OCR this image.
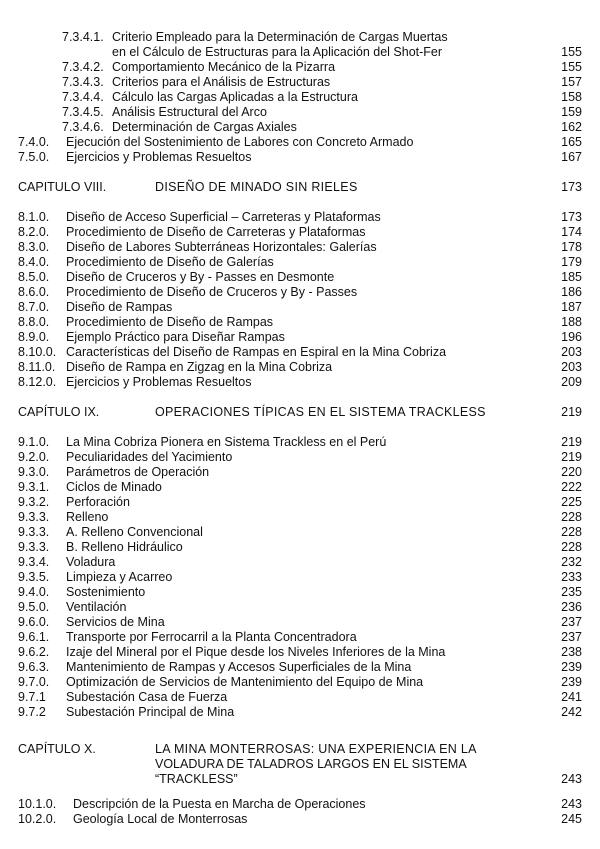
7.3.4.1. Criterio Empleado para la Determinación de Cargas Muertas
en el Cálculo de Estructuras para la Aplicación del Shot-Fer	155
7.3.4.2. Comportamiento Mecánico de la Pizarra	155
7.3.4.3. Criterios para el Análisis de Estructuras	157
7.3.4.4. Cálculo las Cargas Aplicadas a la Estructura	158
7.3.4.5. Análisis Estructural del Arco	159
7.3.4.6. Determinación de Cargas Axiales	162
7.4.0. Ejecución del Sostenimiento de Labores con Concreto Armado	165
7.5.0. Ejercicios y Problemas Resueltos	167
CAPITULO VIII.	DISEÑO DE MINADO SIN RIELES	173
8.1.0. Diseño de Acceso Superficial – Carreteras y Plataformas	173
8.2.0. Procedimiento de Diseño de Carreteras y Plataformas	174
8.3.0. Diseño de Labores Subterráneas Horizontales: Galerías	178
8.4.0. Procedimiento de Diseño de Galerías	179
8.5.0. Diseño de Cruceros y By - Passes en Desmonte	185
8.6.0. Procedimiento de Diseño de Cruceros y By - Passes	186
8.7.0. Diseño de Rampas	187
8.8.0. Procedimiento de Diseño de Rampas	188
8.9.0. Ejemplo Práctico para Diseñar Rampas	196
8.10.0. Características del Diseño de Rampas en Espiral en la Mina Cobriza	203
8.11.0. Diseño de Rampa en Zigzag en la Mina Cobriza	203
8.12.0. Ejercicios y Problemas Resueltos	209
CAPÍTULO IX.	OPERACIONES TÍPICAS EN EL SISTEMA TRACKLESS	219
9.1.0. La Mina Cobriza Pionera en Sistema Trackless en el Perú	219
9.2.0. Peculiaridades del Yacimiento	219
9.3.0. Parámetros de Operación	220
9.3.1. Ciclos de Minado	222
9.3.2. Perforación	225
9.3.3. Relleno	228
9.3.3. A. Relleno Convencional	228
9.3.3. B. Relleno Hidráulico	228
9.3.4. Voladura	232
9.3.5. Limpieza y Acarreo	233
9.4.0. Sostenimiento	235
9.5.0. Ventilación	236
9.6.0. Servicios de Mina	237
9.6.1. Transporte por Ferrocarril a la Planta Concentradora	237
9.6.2. Izaje del Mineral por el Pique desde los Niveles Inferiores de la Mina	238
9.6.3. Mantenimiento de Rampas y Accesos Superficiales de la Mina	239
9.7.0. Optimización de Servicios de Mantenimiento del Equipo de Mina	239
9.7.1 Subestación Casa de Fuerza	241
9.7.2 Subestación Principal de Mina	242
CAPÍTULO X.	LA MINA MONTERROSAS: UNA EXPERIENCIA EN LA
VOLADURA DE TALADROS LARGOS EN EL SISTEMA
“TRACKLESS”	243
10.1.0. Descripción de la Puesta en Marcha de Operaciones	243
10.2.0. Geología Local de Monterrosas	245
